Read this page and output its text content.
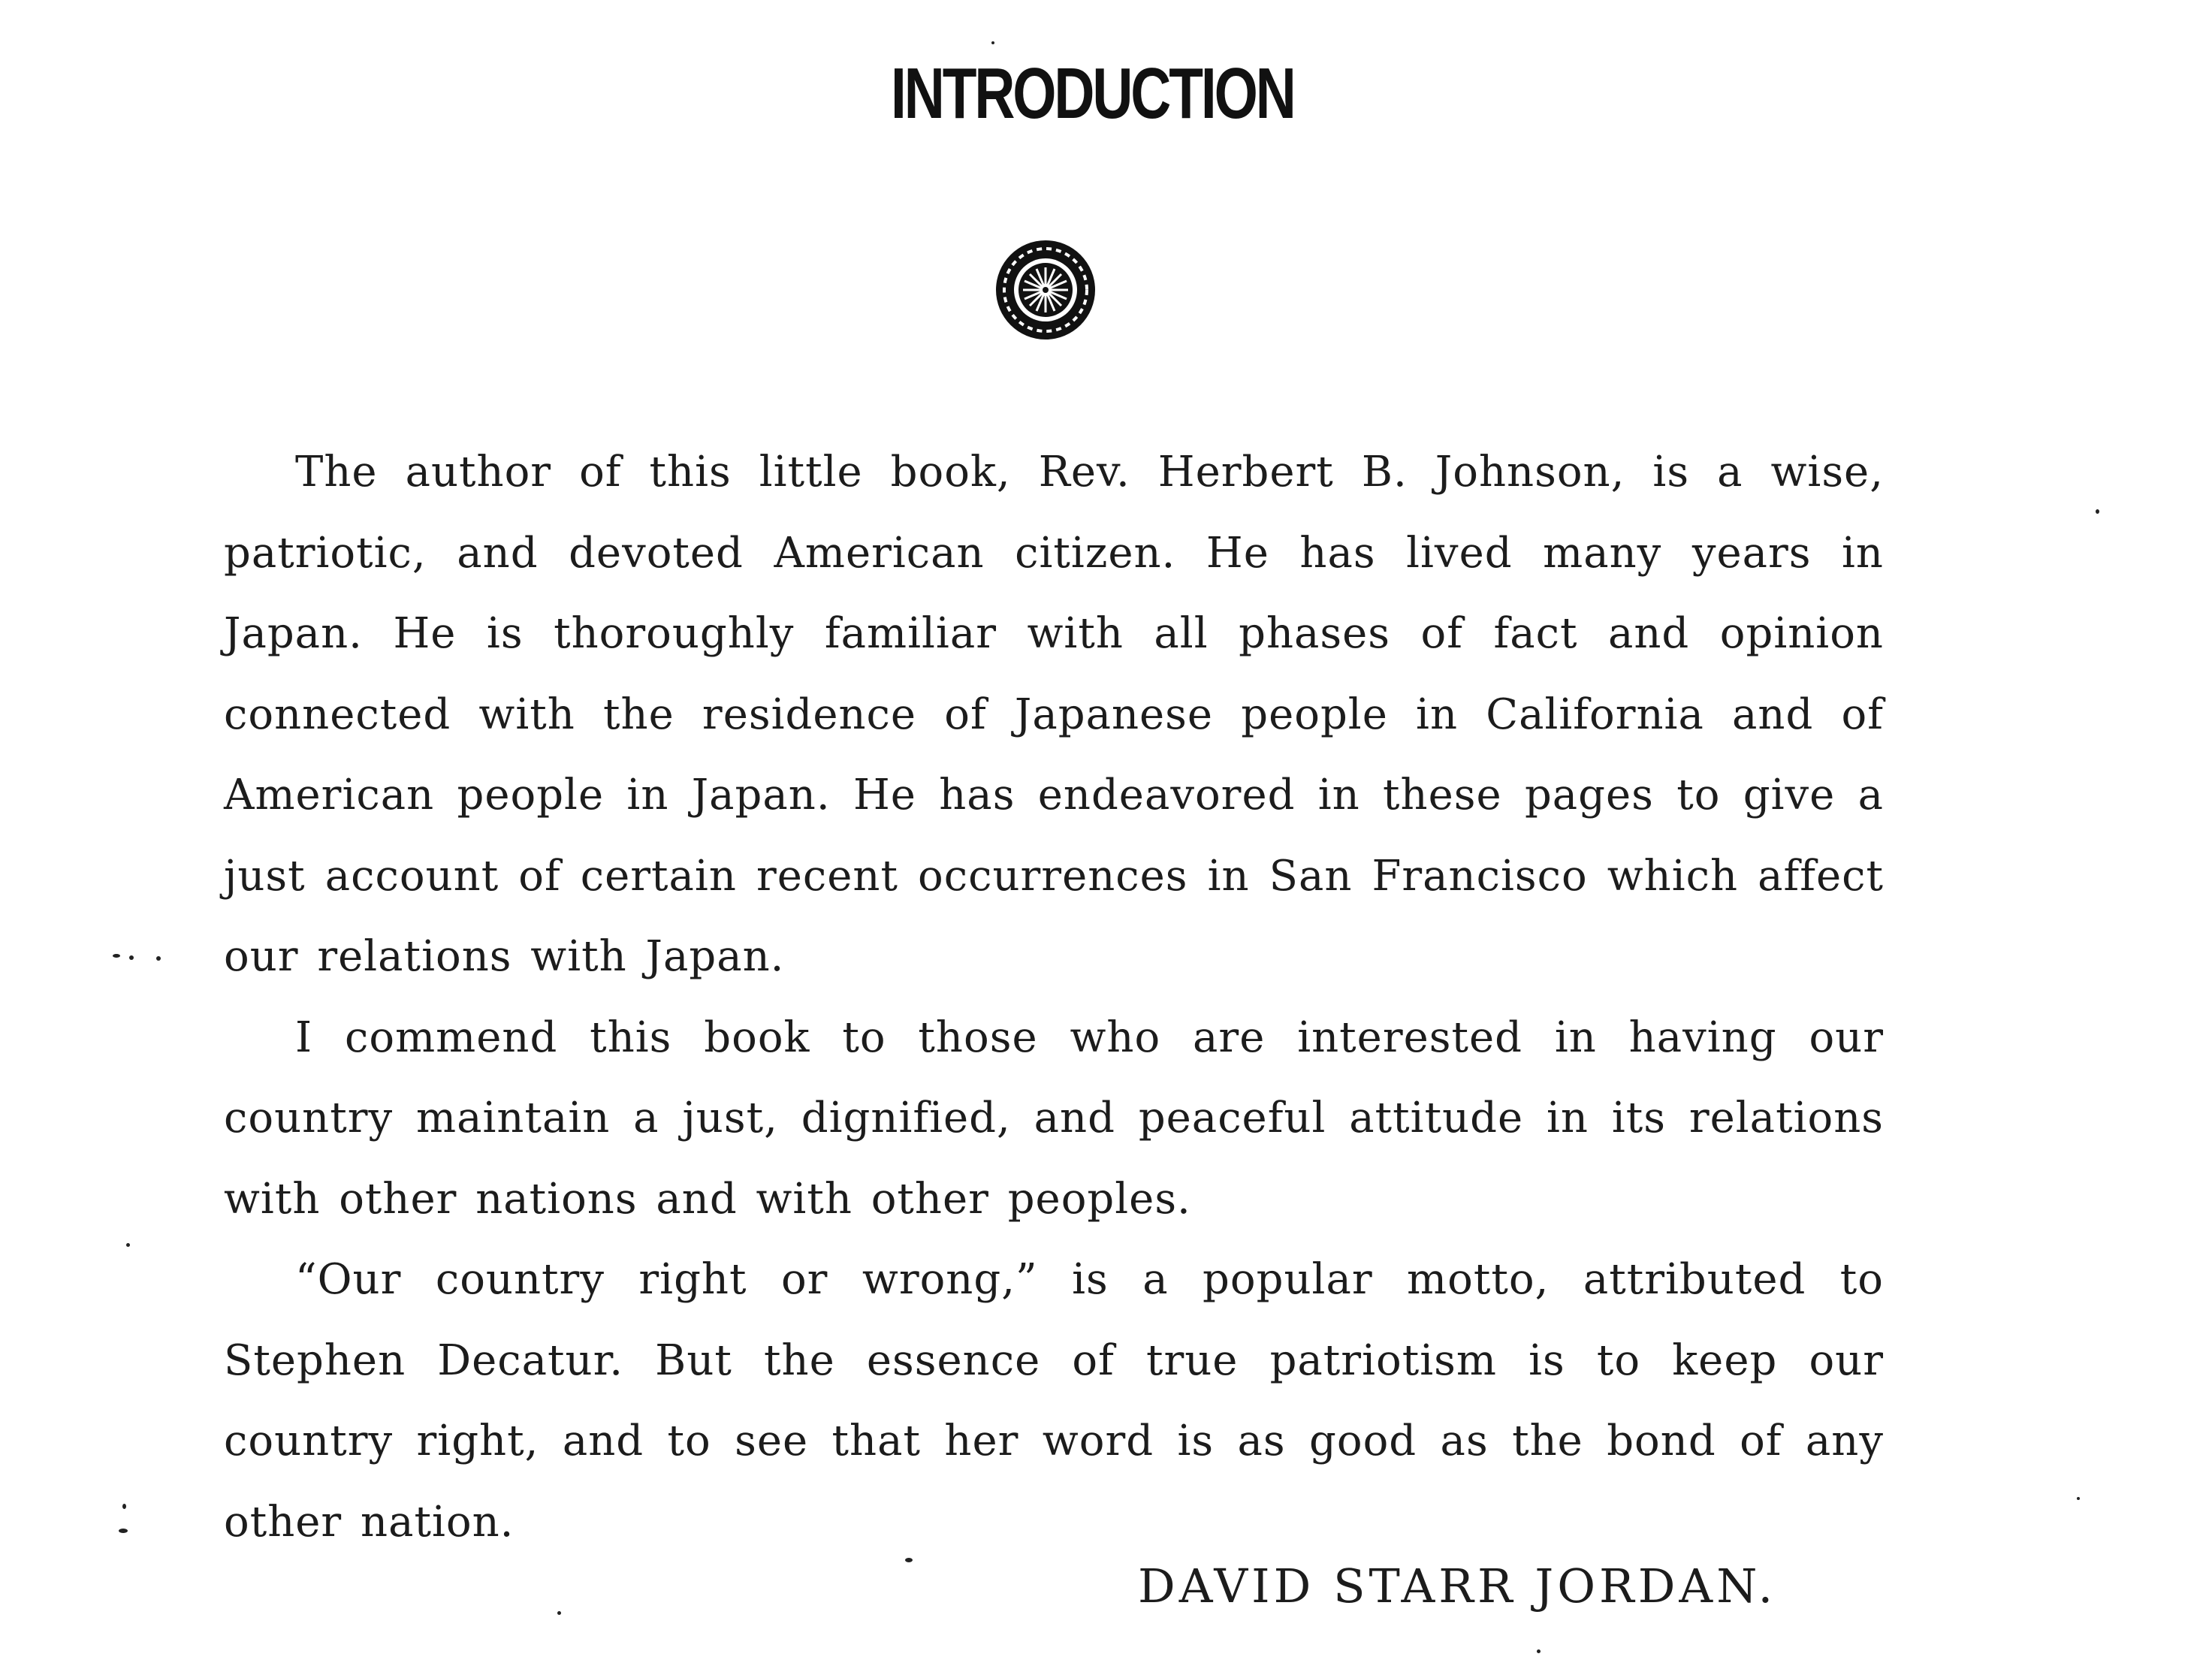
INTRODUCTION

The author of this little book, Rev. Herbert B. Johnson, is a wise, patriotic, and devoted American citizen. He has lived many years in Japan. He is thoroughly familiar with all phases of fact and opinion connected with the residence of Japanese people in California and of American people in Japan. He has endeavored in these pages to give a just account of certain recent occurrences in San Francisco which affect our relations with Japan.

I commend this book to those who are interested in having our country maintain a just, dignified, and peaceful attitude in its relations with other nations and with other peoples.

“Our country right or wrong,” is a popular motto, attributed to Stephen Decatur. But the essence of true patriotism is to keep our country right, and to see that her word is as good as the bond of any other nation.

DAVID STARR JORDAN.
